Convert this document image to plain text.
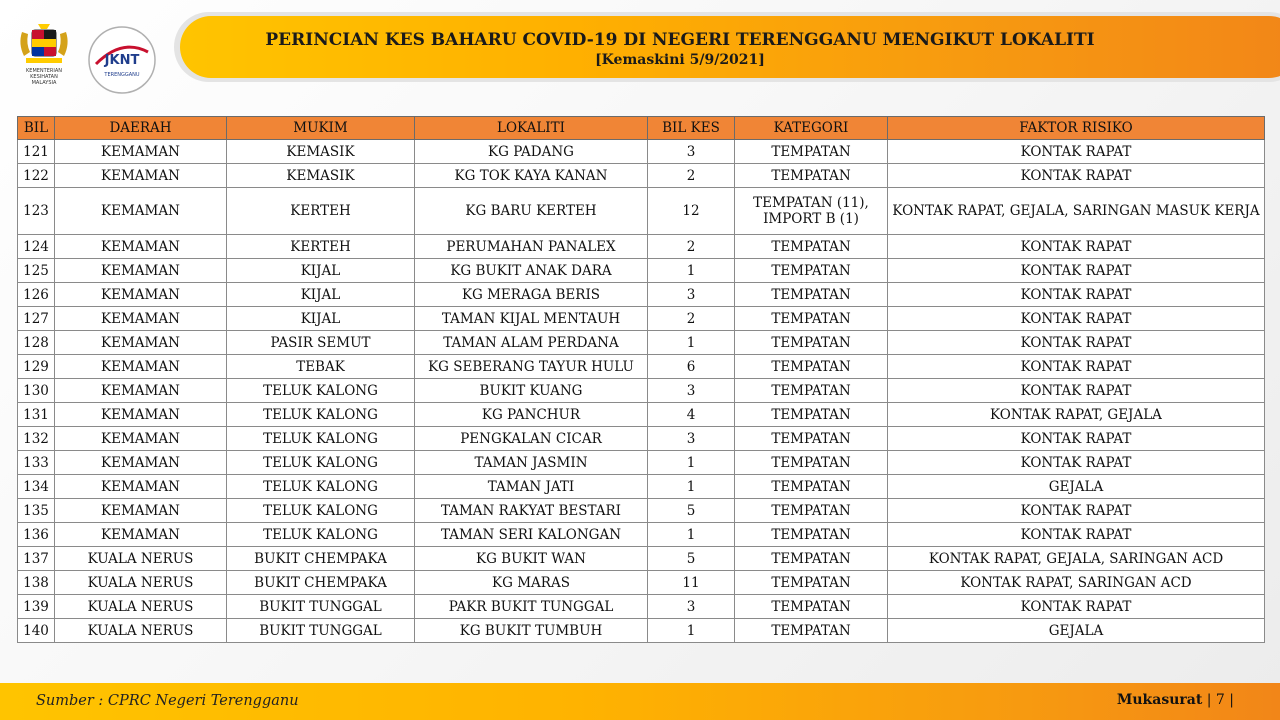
KEMENTERIAN KESIHATAN
MALAYSIA
JKNT
TERENGGANU
PERINCIAN KES BAHARU COVID-19 DI NEGERI TERENGGANU MENGIKUT LOKALITI
[Kemaskini 5/9/2021]
BIL	DAERAH	MUKIM	LOKALITI	BIL KES	KATEGORI	FAKTOR RISIKO
121	KEMAMAN	KEMASIK	KG PADANG	3	TEMPATAN	KONTAK RAPAT
122	KEMAMAN	KEMASIK	KG TOK KAYA KANAN	2	TEMPATAN	KONTAK RAPAT
123	KEMAMAN	KERTEH	KG BARU KERTEH	12	TEMPATAN (11), IMPORT B (1)	KONTAK RAPAT, GEJALA, SARINGAN MASUK KERJA
124	KEMAMAN	KERTEH	PERUMAHAN PANALEX	2	TEMPATAN	KONTAK RAPAT
125	KEMAMAN	KIJAL	KG BUKIT ANAK DARA	1	TEMPATAN	KONTAK RAPAT
126	KEMAMAN	KIJAL	KG MERAGA BERIS	3	TEMPATAN	KONTAK RAPAT
127	KEMAMAN	KIJAL	TAMAN KIJAL MENTAUH	2	TEMPATAN	KONTAK RAPAT
128	KEMAMAN	PASIR SEMUT	TAMAN ALAM PERDANA	1	TEMPATAN	KONTAK RAPAT
129	KEMAMAN	TEBAK	KG SEBERANG TAYUR HULU	6	TEMPATAN	KONTAK RAPAT
130	KEMAMAN	TELUK KALONG	BUKIT KUANG	3	TEMPATAN	KONTAK RAPAT
131	KEMAMAN	TELUK KALONG	KG PANCHUR	4	TEMPATAN	KONTAK RAPAT, GEJALA
132	KEMAMAN	TELUK KALONG	PENGKALAN CICAR	3	TEMPATAN	KONTAK RAPAT
133	KEMAMAN	TELUK KALONG	TAMAN JASMIN	1	TEMPATAN	KONTAK RAPAT
134	KEMAMAN	TELUK KALONG	TAMAN JATI	1	TEMPATAN	GEJALA
135	KEMAMAN	TELUK KALONG	TAMAN RAKYAT BESTARI	5	TEMPATAN	KONTAK RAPAT
136	KEMAMAN	TELUK KALONG	TAMAN SERI KALONGAN	1	TEMPATAN	KONTAK RAPAT
137	KUALA NERUS	BUKIT CHEMPAKA	KG BUKIT WAN	5	TEMPATAN	KONTAK RAPAT, GEJALA, SARINGAN ACD
138	KUALA NERUS	BUKIT CHEMPAKA	KG MARAS	11	TEMPATAN	KONTAK RAPAT, SARINGAN ACD
139	KUALA NERUS	BUKIT TUNGGAL	PAKR BUKIT TUNGGAL	3	TEMPATAN	KONTAK RAPAT
140	KUALA NERUS	BUKIT TUNGGAL	KG BUKIT TUMBUH	1	TEMPATAN	GEJALA
Sumber : CPRC Negeri Terengganu	Mukasurat | 7 |
